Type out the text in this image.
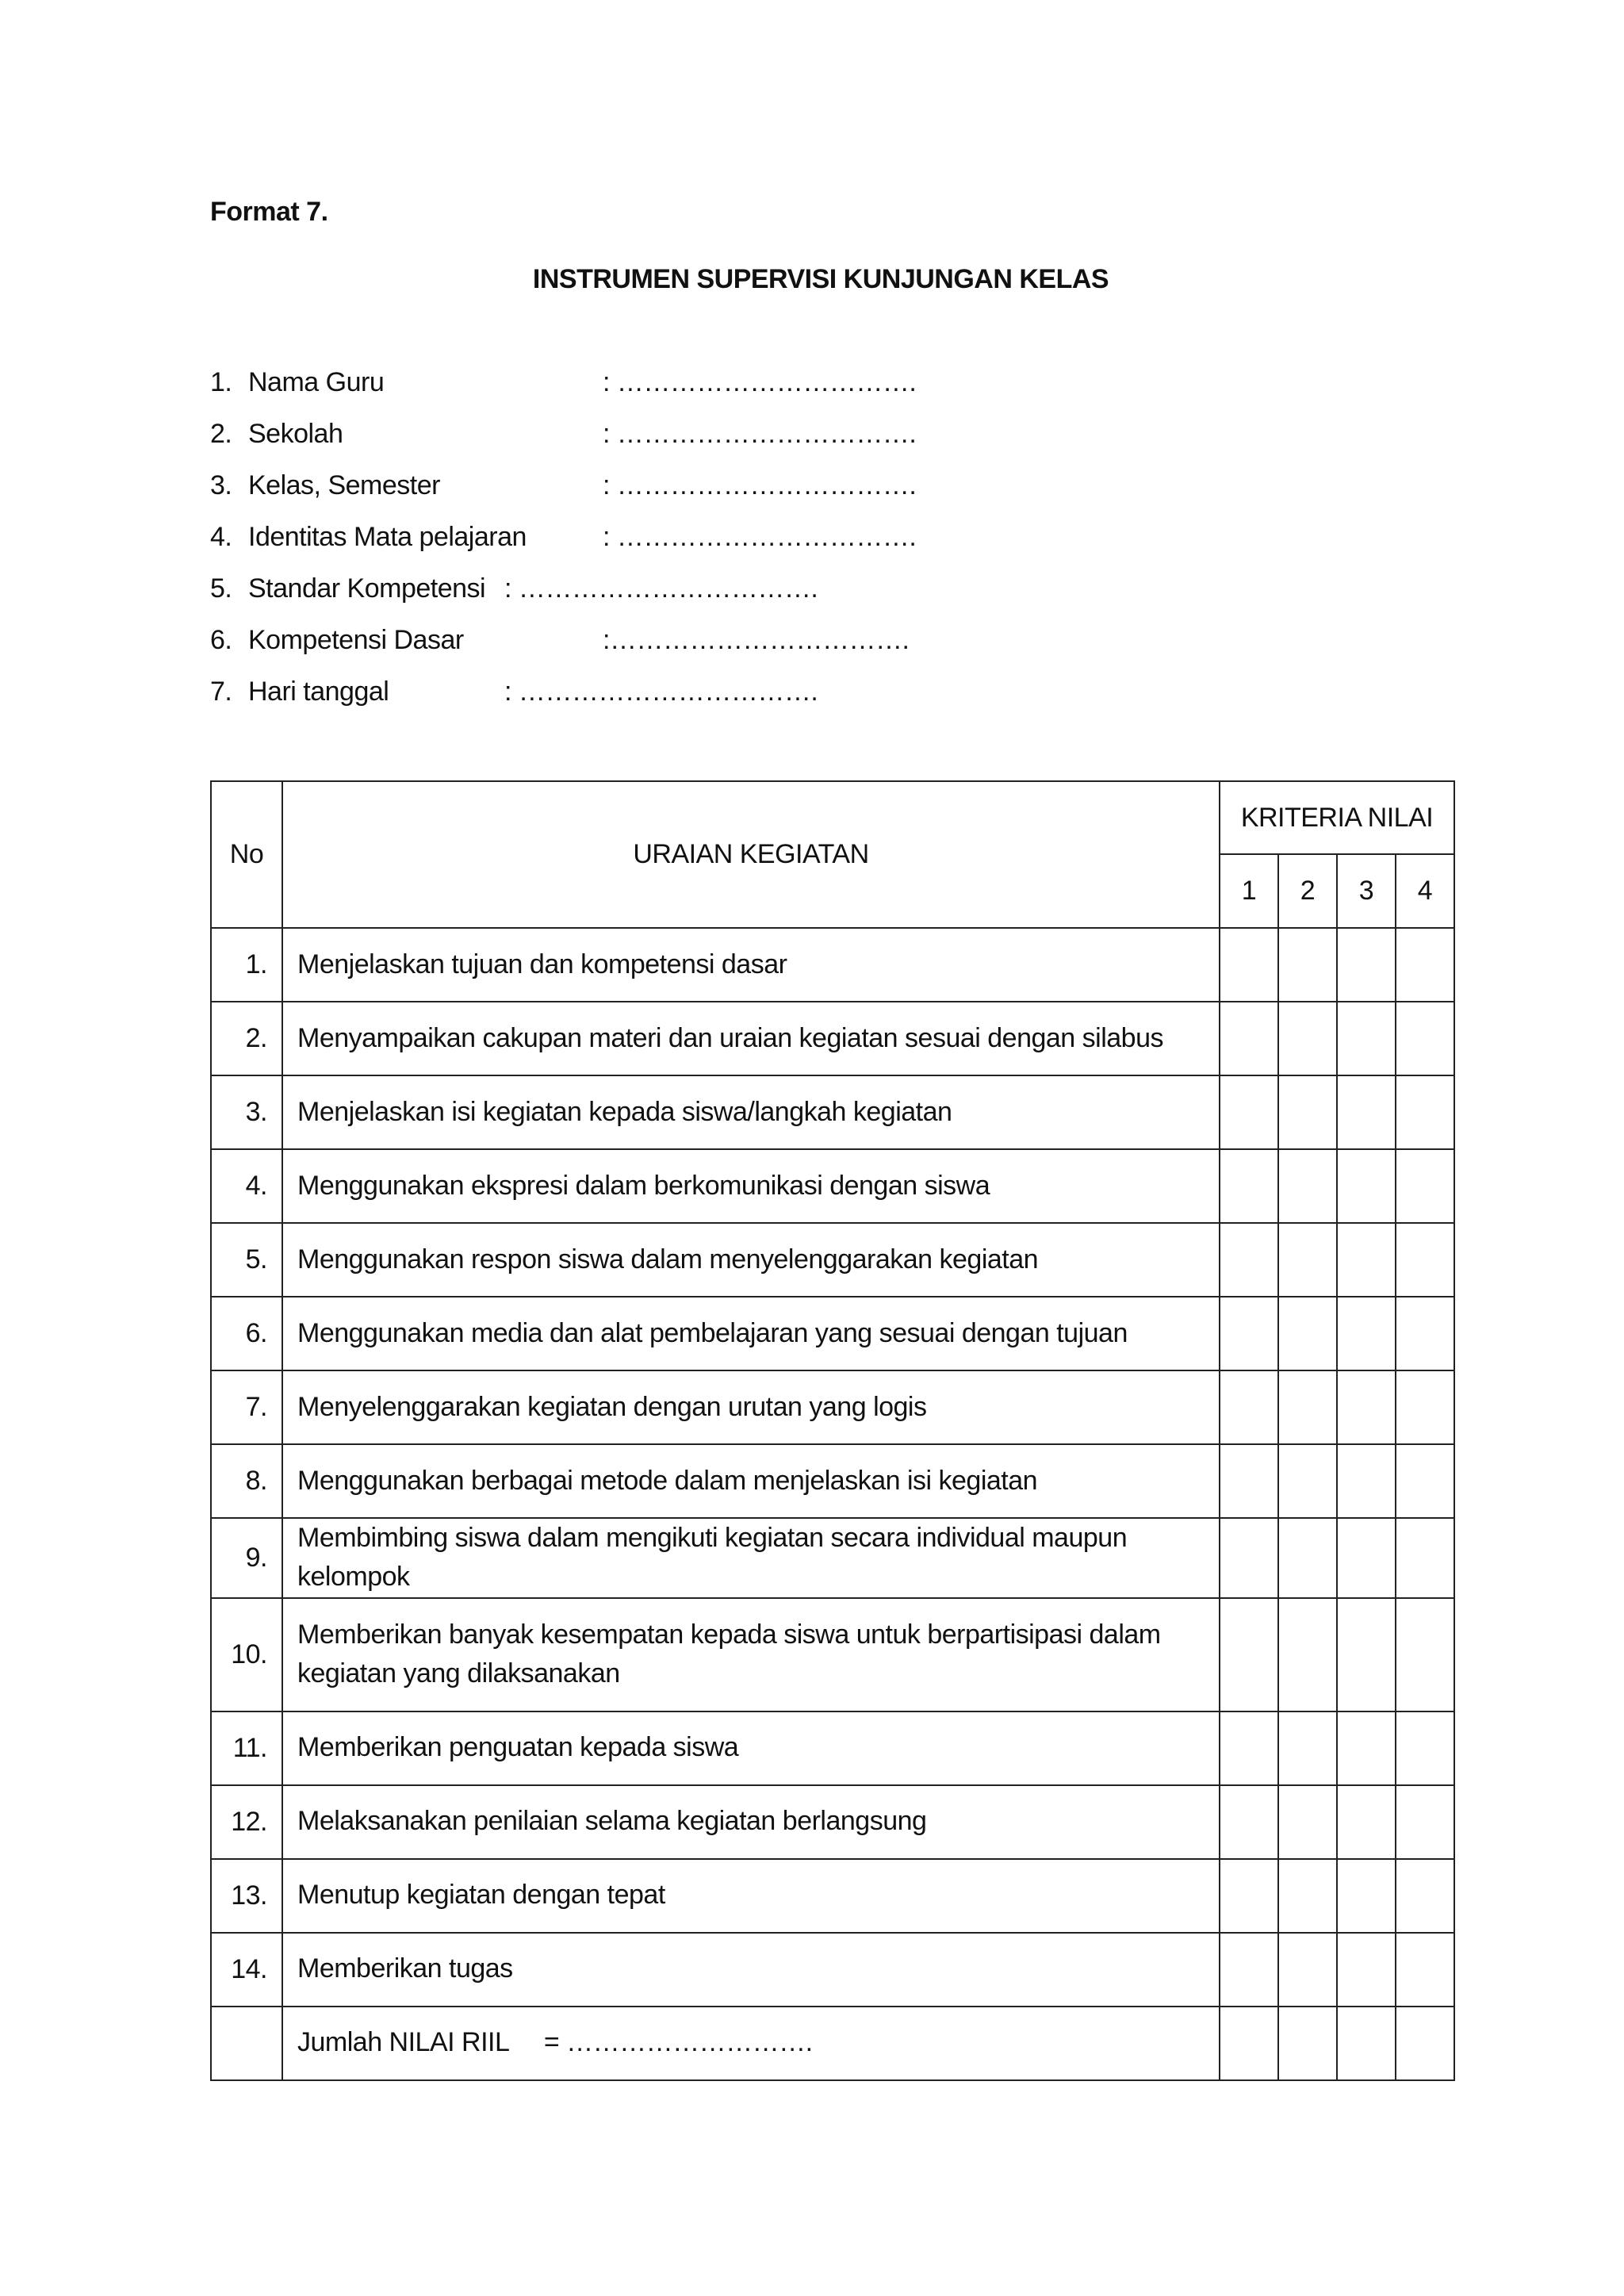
Format 7.
INSTRUMEN SUPERVISI KUNJUNGAN KELAS
1. Nama Guru	: …………………………….
2. Sekolah	: …………………………….
3. Kelas, Semester	: …………………………….
4. Identitas Mata pelajaran	: …………………………….
5. Standar Kompetensi : …………………………….
6. Kompetensi Dasar	:…………………………….
7. Hari tanggal	: …………………………….
No	URAIAN KEGIATAN	KRITERIA NILAI			
		1	2	3	4
1.	Menjelaskan tujuan dan kompetensi dasar				
2.	Menyampaikan cakupan materi dan uraian kegiatan sesuai dengan silabus				
3.	Menjelaskan isi kegiatan kepada siswa/langkah kegiatan				
4.	Menggunakan ekspresi dalam berkomunikasi dengan siswa				
5.	Menggunakan respon siswa dalam menyelenggarakan kegiatan				
6.	Menggunakan media dan alat pembelajaran yang sesuai dengan tujuan				
7.	Menyelenggarakan kegiatan dengan urutan yang logis				
8.	Menggunakan berbagai metode dalam menjelaskan isi kegiatan				
9.	Membimbing siswa dalam mengikuti kegiatan secara individual maupun kelompok				
10.	Memberikan banyak kesempatan kepada siswa untuk berpartisipasi dalam kegiatan yang dilaksanakan				
11.	Memberikan penguatan kepada siswa				
12.	Melaksanakan penilaian selama kegiatan berlangsung				
13.	Menutup kegiatan dengan tepat				
14.	Memberikan tugas				
	Jumlah NILAI RIIL     = ……………………….				
